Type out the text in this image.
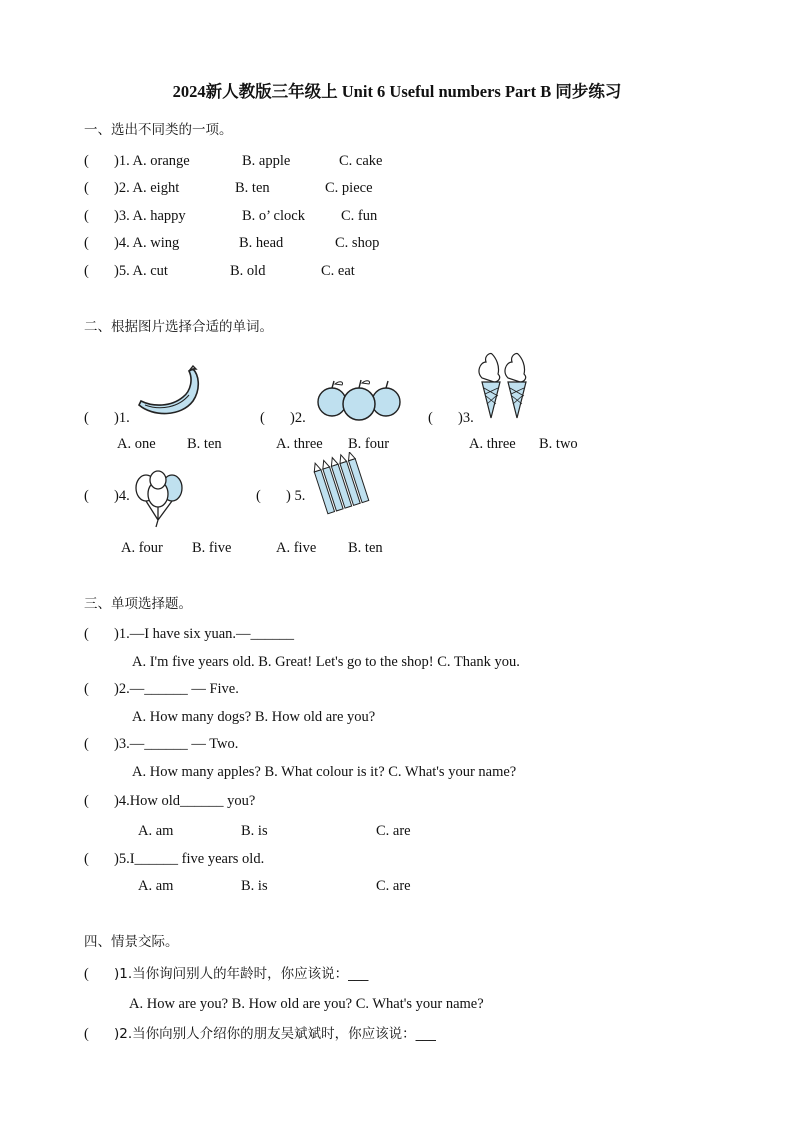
2024新人教版三年级上 Unit 6 Useful numbers Part B 同步练习
一、选出不同类的一项。
( )1. A. orange	B. apple	C. cake
( )2. A. eight	B. ten	C. piece
( )3. A. happy	B. o’ clock C. fun
( )4. A. wing	B. head	C. shop
( )5. A. cut	B. old	C. eat
二、根据图片选择合适的单词。
( )1.	( )2.	( )3.
A. one B. ten	A. three B. four	A. three B. two
( )4.	( ) 5.
A. four B. five	A. five B. ten
三、单项选择题。
( )1.—I have six yuan.—______
A. I'm five years old. B. Great! Let's go to the shop! C. Thank you.
( )2.—______ — Five.
A. How many dogs? B. How old are you?
( )3.—______ — Two.
A. How many apples? B. What colour is it? C. What's your name?
( )4.How old______ you?
A. am	B. is	C. are
( )5.I______ five years old.
A. am	B. is	C. are
四、情景交际。
( )1.当你询问别人的年龄时，你应该说：___
A. How are you? B. How old are you? C. What's your name?
( )2.当你向别人介绍你的朋友吴斌斌时，你应该说：___
